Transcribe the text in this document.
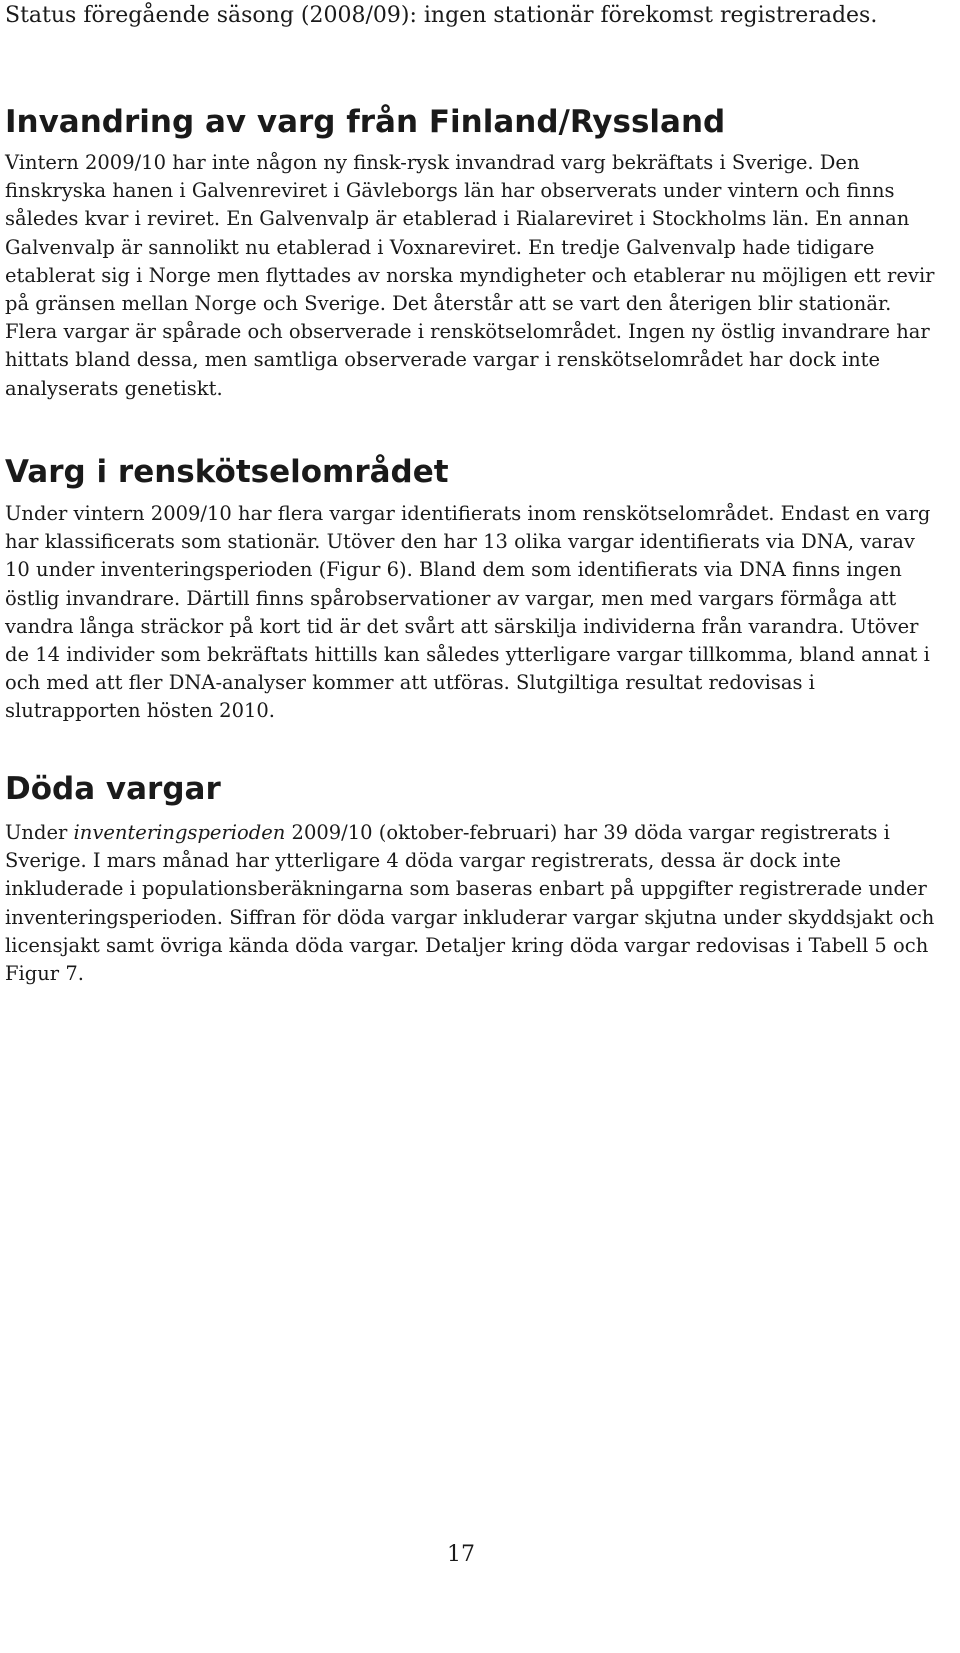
Status föregående säsong (2008/09): ingen stationär förekomst registrerades.

Invandring av varg från Finland/Ryssland

Vintern 2009/10 har inte någon ny finsk-rysk invandrad varg bekräftats i Sverige. Den finskryska hanen i Galvenreviret i Gävleborgs län har observerats under vintern och finns således kvar i reviret. En Galvenvalp är etablerad i Rialareviret i Stockholms län. En annan Galvenvalp är sannolikt nu etablerad i Voxnareviret. En tredje Galvenvalp hade tidigare etablerat sig i Norge men flyttades av norska myndigheter och etablerar nu möjligen ett revir på gränsen mellan Norge och Sverige. Det återstår att se vart den återigen blir stationär. Flera vargar är spårade och observerade i renskötselområdet. Ingen ny östlig invandrare har hittats bland dessa, men samtliga observerade vargar i renskötselområdet har dock inte analyserats genetiskt.

Varg i renskötselområdet

Under vintern 2009/10 har flera vargar identifierats inom renskötselområdet. Endast en varg har klassificerats som stationär. Utöver den har 13 olika vargar identifierats via DNA, varav 10 under inventeringsperioden (Figur 6). Bland dem som identifierats via DNA finns ingen östlig invandrare. Därtill finns spårobservationer av vargar, men med vargars förmåga att vandra långa sträckor på kort tid är det svårt att särskilja individerna från varandra. Utöver de 14 individer som bekräftats hittills kan således ytterligare vargar tillkomma, bland annat i och med att fler DNA-analyser kommer att utföras. Slutgiltiga resultat redovisas i slutrapporten hösten 2010.

Döda vargar

Under inventeringsperioden 2009/10 (oktober-februari) har 39 döda vargar registrerats i Sverige. I mars månad har ytterligare 4 döda vargar registrerats, dessa är dock inte inkluderade i populationsberäkningarna som baseras enbart på uppgifter registrerade under inventeringsperioden. Siffran för döda vargar inkluderar vargar skjutna under skyddsjakt och licensjakt samt övriga kända döda vargar. Detaljer kring döda vargar redovisas i Tabell 5 och Figur 7.

17
